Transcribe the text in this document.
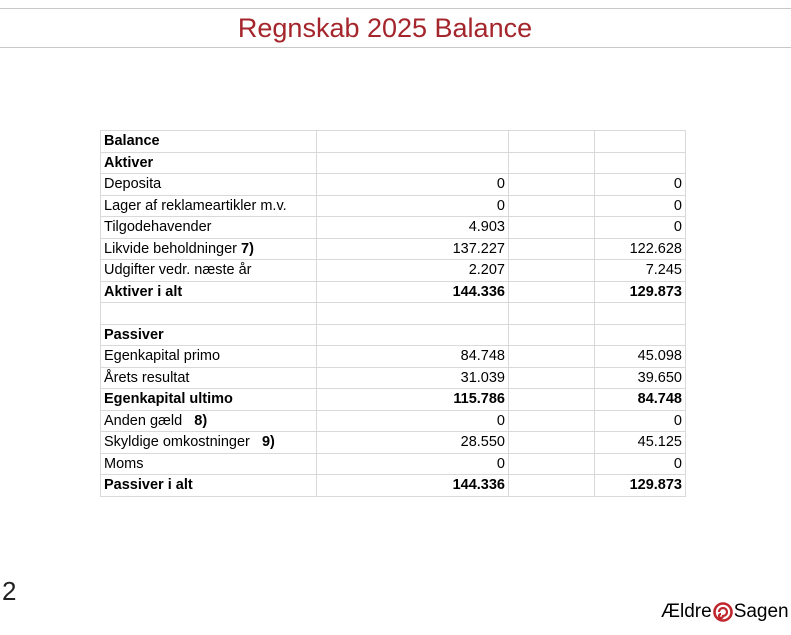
Regnskab 2025 Balance
Balance			
Aktiver			
Deposita	0		0
Lager af reklameartikler m.v.	0		0
Tilgodehavender	4.903		0
Likvide beholdninger 7)	137.227		122.628
Udgifter vedr. næste år	2.207		7.245
Aktiver i alt	144.336		129.873

Passiver			
Egenkapital primo	84.748		45.098
Årets resultat	31.039		39.650
Egenkapital ultimo	115.786		84.748
Anden gæld   8)	0		0
Skyldige omkostninger   9)	28.550		45.125
Moms	0		0
Passiver i alt	144.336		129.873
2
Ældre Sagen
